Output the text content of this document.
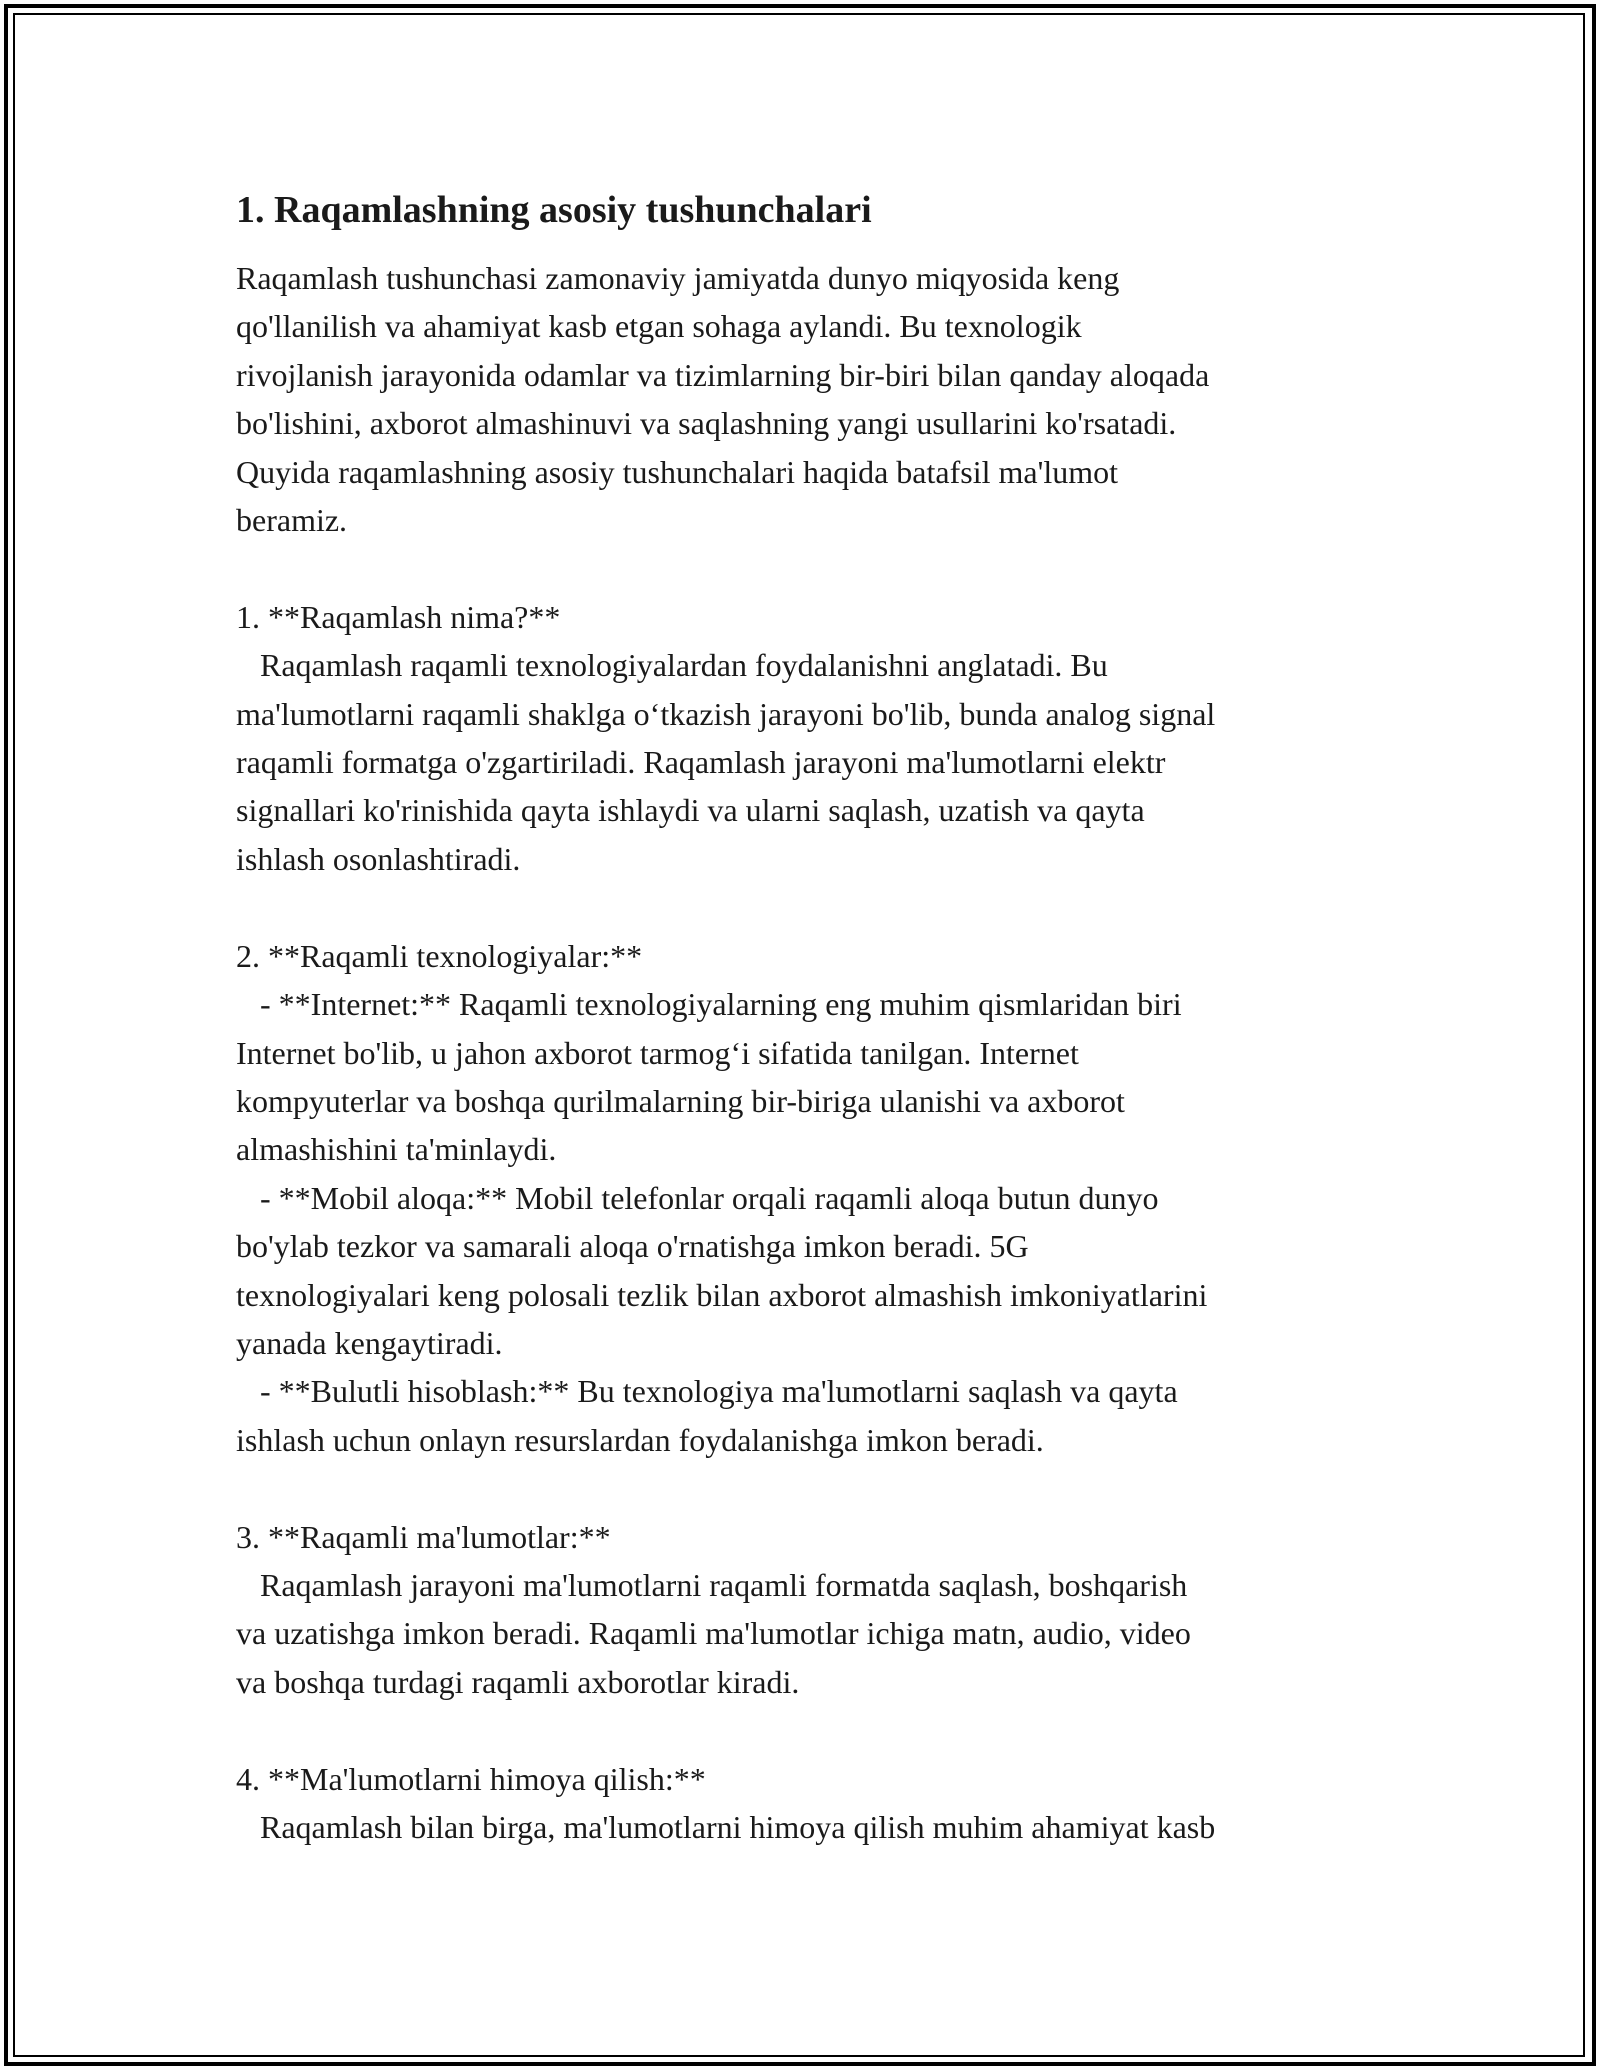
1. Raqamlashning asosiy tushunchalari

Raqamlash tushunchasi zamonaviy jamiyatda dunyo miqyosida keng
qo'llanilish va ahamiyat kasb etgan sohaga aylandi. Bu texnologik
rivojlanish jarayonida odamlar va tizimlarning bir-biri bilan qanday aloqada
bo'lishini, axborot almashinuvi va saqlashning yangi usullarini ko'rsatadi.
Quyida raqamlashning asosiy tushunchalari haqida batafsil ma'lumot
beramiz.

1. **Raqamlash nima?**
Raqamlash raqamli texnologiyalardan foydalanishni anglatadi. Bu
ma'lumotlarni raqamli shaklga o‘tkazish jarayoni bo'lib, bunda analog signal
raqamli formatga o'zgartiriladi. Raqamlash jarayoni ma'lumotlarni elektr
signallari ko'rinishida qayta ishlaydi va ularni saqlash, uzatish va qayta
ishlash osonlashtiradi.

2. **Raqamli texnologiyalar:**
- **Internet:** Raqamli texnologiyalarning eng muhim qismlaridan biri
Internet bo'lib, u jahon axborot tarmog‘i sifatida tanilgan. Internet
kompyuterlar va boshqa qurilmalarning bir-biriga ulanishi va axborot
almashishini ta'minlaydi.
- **Mobil aloqa:** Mobil telefonlar orqali raqamli aloqa butun dunyo
bo'ylab tezkor va samarali aloqa o'rnatishga imkon beradi. 5G
texnologiyalari keng polosali tezlik bilan axborot almashish imkoniyatlarini
yanada kengaytiradi.
- **Bulutli hisoblash:** Bu texnologiya ma'lumotlarni saqlash va qayta
ishlash uchun onlayn resurslardan foydalanishga imkon beradi.

3. **Raqamli ma'lumotlar:**
Raqamlash jarayoni ma'lumotlarni raqamli formatda saqlash, boshqarish
va uzatishga imkon beradi. Raqamli ma'lumotlar ichiga matn, audio, video
va boshqa turdagi raqamli axborotlar kiradi.

4. **Ma'lumotlarni himoya qilish:**
Raqamlash bilan birga, ma'lumotlarni himoya qilish muhim ahamiyat kasb
